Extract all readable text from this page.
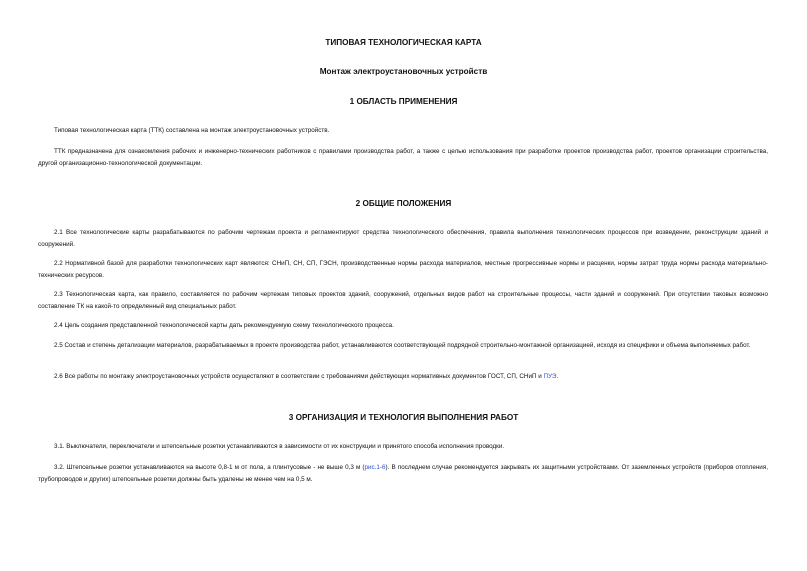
ТИПОВАЯ ТЕХНОЛОГИЧЕСКАЯ КАРТА
Монтаж электроустановочных устройств
1 ОБЛАСТЬ ПРИМЕНЕНИЯ

Типовая технологическая карта (ТТК) составлена на монтаж электроустановочных устройств.

ТТК предназначена для ознакомления рабочих и инженерно-технических работников с правилами производства работ, а также с целью использования при разработке проектов производства работ, проектов организации строительства, другой организационно-технологической документации.

2 ОБЩИЕ ПОЛОЖЕНИЯ

2.1 Все технологические карты разрабатываются по рабочим чертежам проекта и регламентируют средства технологического обеспечения, правила выполнения технологических процессов при возведении, реконструкции зданий и сооружений.

2.2 Нормативной базой для разработки технологических карт являются: СНиП, СН, СП, ГЭСН, производственные нормы расхода материалов, местные прогрессивные нормы и расценки, нормы затрат труда нормы расхода материально-технических ресурсов.

2.3 Технологическая карта, как правило, составляется по рабочим чертежам типовых проектов зданий, сооружений, отдельных видов работ на строительные процессы, части зданий и сооружений. При отсутствии таковых возможно составление ТК на какой-то определенный вид специальных работ.

2.4 Цель создания представленной технологической карты дать рекомендуемую схему технологического процесса.

2.5 Состав и степень детализации материалов, разрабатываемых в проекте производства работ, устанавливаются соответствующей подрядной строительно-монтажной организацией, исходя из специфики и объема выполняемых работ.

2.6 Все работы по монтажу электроустановочных устройств осуществляют в соответствии с требованиями действующих нормативных документов ГОСТ, СП, СНиП и ПУЭ.

3 ОРГАНИЗАЦИЯ И ТЕХНОЛОГИЯ ВЫПОЛНЕНИЯ РАБОТ

3.1. Выключатели, переключатели и штепсельные розетки устанавливаются в зависимости от их конструкции и принятого способа исполнения проводки.

3.2. Штепсельные розетки устанавливаются на высоте 0,8-1 м от пола, а плинтусовые - не выше 0,3 м (рис.1-6). В последнем случае рекомендуется закрывать их защитными устройствами. От заземленных устройств (приборов отопления, трубопроводов и других) штепсельные розетки должны быть удалены не менее чем на 0,5 м.
